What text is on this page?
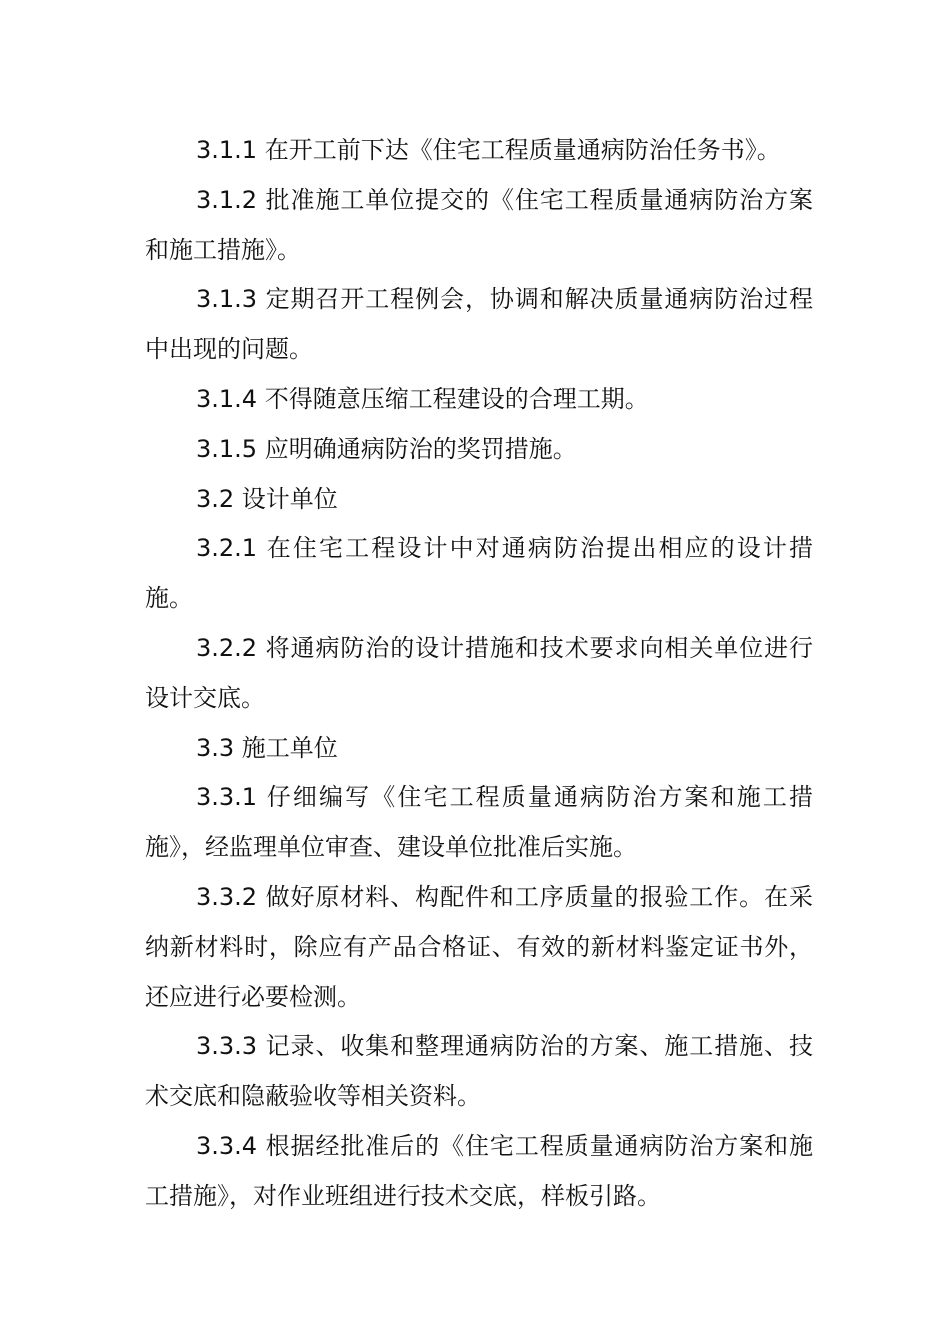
3.1.1 在开工前下达《住宅工程质量通病防治任务书》。

3.1.2 批准施工单位提交的《住宅工程质量通病防治方案和施工措施》。

3.1.3 定期召开工程例会，协调和解决质量通病防治过程中出现的问题。

3.1.4 不得随意压缩工程建设的合理工期。

3.1.5 应明确通病防治的奖罚措施。

3.2 设计单位

3.2.1 在住宅工程设计中对通病防治提出相应的设计措施。

3.2.2 将通病防治的设计措施和技术要求向相关单位进行设计交底。

3.3 施工单位

3.3.1 仔细编写《住宅工程质量通病防治方案和施工措施》，经监理单位审查、建设单位批准后实施。

3.3.2 做好原材料、构配件和工序质量的报验工作。在采纳新材料时，除应有产品合格证、有效的新材料鉴定证书外，还应进行必要检测。

3.3.3 记录、收集和整理通病防治的方案、施工措施、技术交底和隐蔽验收等相关资料。

3.3.4 根据经批准后的《住宅工程质量通病防治方案和施工措施》，对作业班组进行技术交底，样板引路。
